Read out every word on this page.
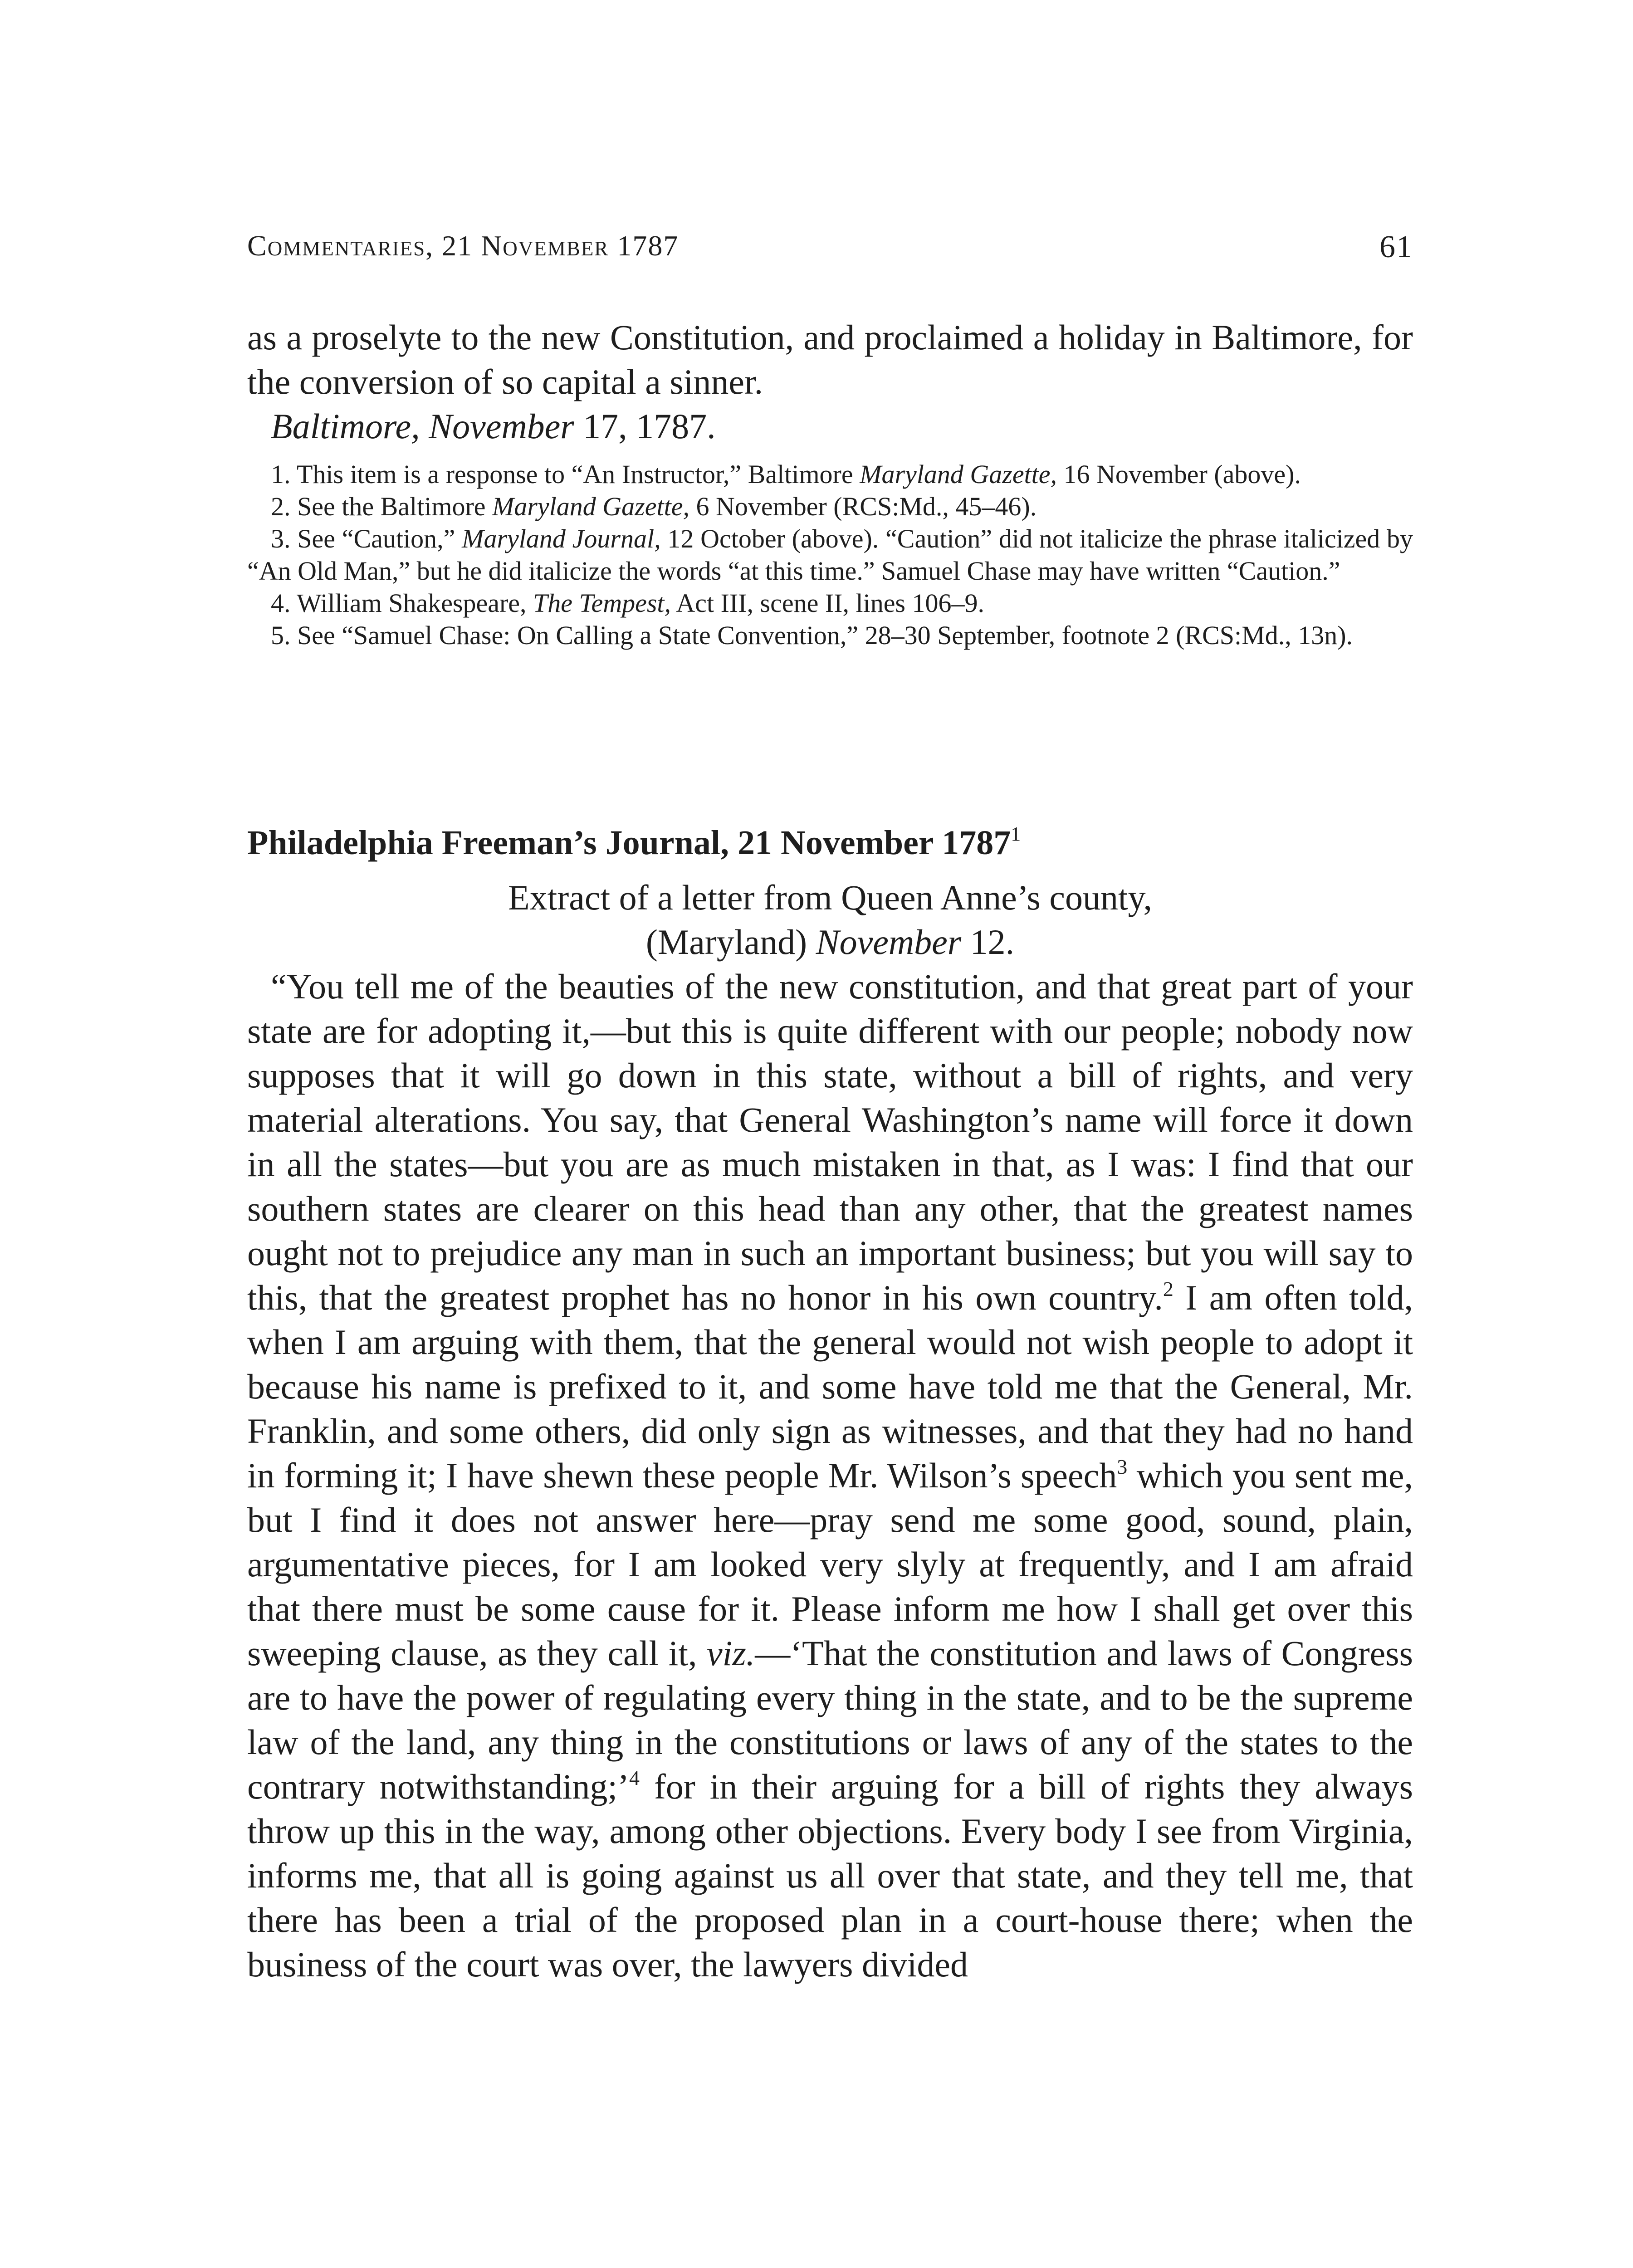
Commentaries, 21 November 1787	61

as a proselyte to the new Constitution, and proclaimed a holiday in Baltimore, for the conversion of so capital a sinner.

Baltimore, November 17, 1787.

1. This item is a response to “An Instructor,” Baltimore Maryland Gazette, 16 November (above).

2. See the Baltimore Maryland Gazette, 6 November (RCS:Md., 45–46).

3. See “Caution,” Maryland Journal, 12 October (above). “Caution” did not italicize the phrase italicized by “An Old Man,” but he did italicize the words “at this time.” Samuel Chase may have written “Caution.”

4. William Shakespeare, The Tempest, Act III, scene II, lines 106–9.

5. See “Samuel Chase: On Calling a State Convention,” 28–30 September, footnote 2 (RCS:Md., 13n).

Philadelphia Freeman’s Journal, 21 November 1787$^1$

Extract of a letter from Queen Anne’s county,

(Maryland) November 12.

“You tell me of the beauties of the new constitution, and that great part of your state are for adopting it,—but this is quite different with our people; nobody now supposes that it will go down in this state, without a bill of rights, and very material alterations. You say, that General Washington’s name will force it down in all the states—but you are as much mistaken in that, as I was: I find that our southern states are clearer on this head than any other, that the greatest names ought not to prejudice any man in such an important business; but you will say to this, that the greatest prophet has no honor in his own country.$^2$ I am often told, when I am arguing with them, that the general would not wish people to adopt it because his name is prefixed to it, and some have told me that the General, Mr. Franklin, and some others, did only sign as witnesses, and that they had no hand in forming it; I have shewn these people Mr. Wilson’s speech$^3$ which you sent me, but I find it does not answer here—pray send me some good, sound, plain, argumentative pieces, for I am looked very slyly at frequently, and I am afraid that there must be some cause for it. Please inform me how I shall get over this sweeping clause, as they call it, viz.—‘That the constitution and laws of Congress are to have the power of regulating every thing in the state, and to be the supreme law of the land, any thing in the constitutions or laws of any of the states to the contrary notwithstanding;’$^4$ for in their arguing for a bill of rights they always throw up this in the way, among other objections. Every body I see from Virginia, informs me, that all is going against us all over that state, and they tell me, that there has been a trial of the proposed plan in a court-house there; when the business of the court was over, the lawyers divided
